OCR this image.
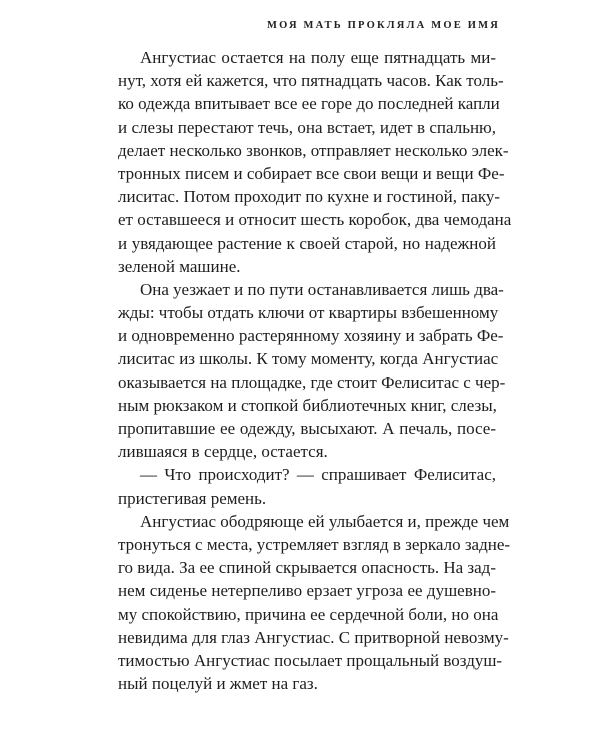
МОЯ МАТЬ ПРОКЛЯЛА МОЕ ИМЯ
Ангустиас остается на полу еще пятнадцать ми-
нут, хотя ей кажется, что пятнадцать часов. Как толь-
ко одежда впитывает все ее горе до последней капли
и слезы перестают течь, она встает, идет в спальню,
делает несколько звонков, отправляет несколько элек-
тронных писем и собирает все свои вещи и вещи Фе-
лиситас. Потом проходит по кухне и гостиной, паку-
ет оставшееся и относит шесть коробок, два чемодана
и увядающее растение к своей старой, но надежной
зеленой машине.
Она уезжает и по пути останавливается лишь два-
жды: чтобы отдать ключи от квартиры взбешенному
и одновременно растерянному хозяину и забрать Фе-
лиситас из школы. К тому моменту, когда Ангустиас
оказывается на площадке, где стоит Фелиситас с чер-
ным рюкзаком и стопкой библиотечных книг, слезы,
пропитавшие ее одежду, высыхают. А печаль, посе-
лившаяся в сердце, остается.
— Что происходит? — спрашивает Фелиситас,
пристегивая ремень.
Ангустиас ободряюще ей улыбается и, прежде чем
тронуться с места, устремляет взгляд в зеркало задне-
го вида. За ее спиной скрывается опасность. На зад-
нем сиденье нетерпеливо ерзает угроза ее душевно-
му спокойствию, причина ее сердечной боли, но она
невидима для глаз Ангустиас. С притворной невозму-
тимостью Ангустиас посылает прощальный воздуш-
ный поцелуй и жмет на газ.
